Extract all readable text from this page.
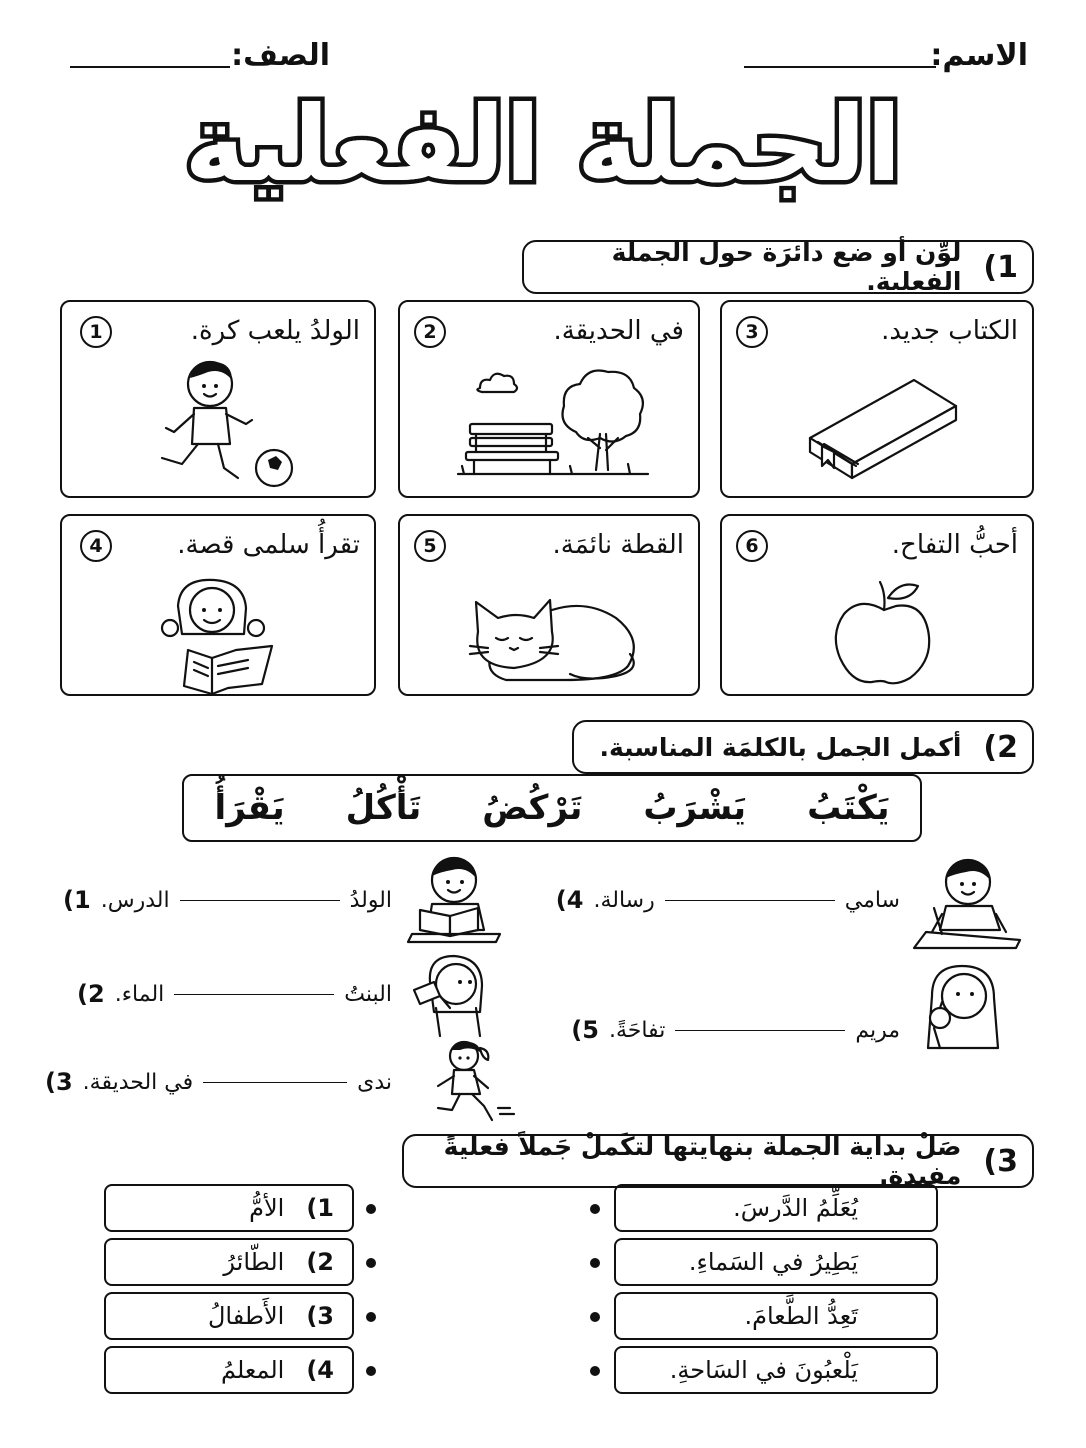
الاسم:
الصف:
الجملة الفعلية
1)
لوِّن أو ضع دائرَة حول الجملة الفعلية.
الولدُ يلعب كرة.
1	في الحديقة.
2	الكتاب جديد.
3
تقرأُ سلمى قصة.
4	القطة نائمَة.
5	أحبُّ التفاح.
6
2)
أكمل الجمل بالكلمَة المناسبة.
يَكْتَبُ
يَشْرَبُ
تَرْكُضُ
تَأْكُلُ
يَقْرَأُ
الولدُ
الدرس.
1)
البنتُ
الماء.
2)
ندى
في الحديقة.
3)
سامي
رسالة.
4)
مريم
تفاحَةً.
5)
3)
صَلْ بداية الجملة بنهايتها لتكَملْ جَملاً فعليةً مفيدة.
1)
الأمُّ
2)
الطّائرُ
3)
الأَطفالُ
4)
المعلمُ
يُعَلِّمُ الدَّرسَ.
يَطِيرُ في السَماءِ.
تَعِدُّ الطَّعامَ.
يَلْعبُونَ في السَاحةِ.
